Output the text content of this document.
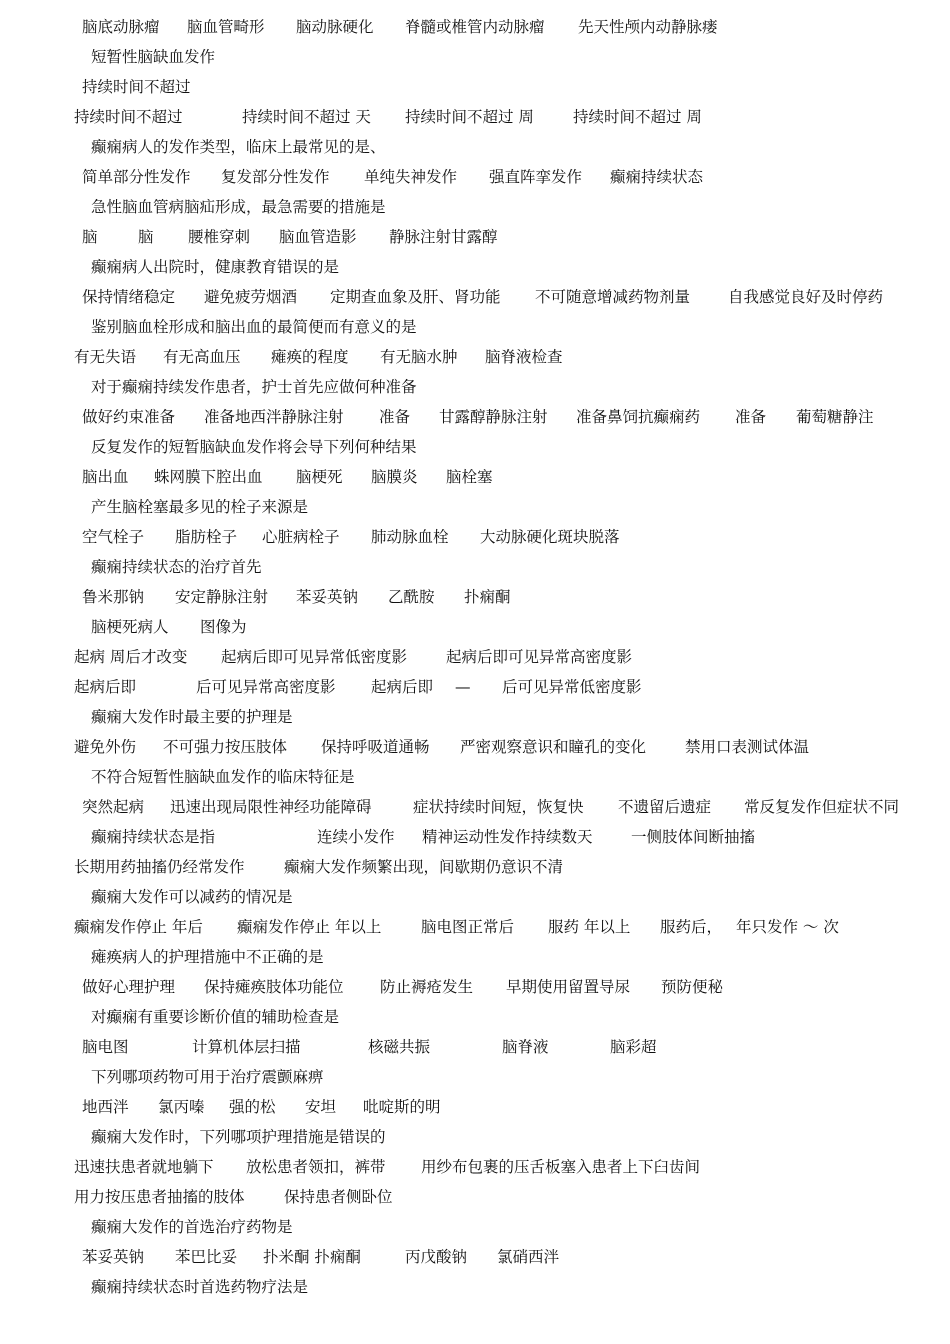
脑底动脉瘤 脑血管畸形 脑动脉硬化 脊髓或椎管内动脉瘤 先天性颅内动静脉瘘
短暂性脑缺血发作
持续时间不超过
持续时间不超过	持续时间不超过 天 持续时间不超过 周	持续时间不超过 周
癫痫病人的发作类型，临床上最常见的是、
简单部分性发作 复发部分性发作 单纯失神发作 强直阵挛发作 癫痫持续状态
急性脑血管病脑疝形成，最急需要的措施是
脑	脑 腰椎穿刺 脑血管造影 静脉注射甘露醇
癫痫病人出院时，健康教育错误的是
保持情绪稳定 避免疲劳烟酒 定期查血象及肝、肾功能 不可随意增减药物剂量 自我感觉良好及时停药
鉴别脑血栓形成和脑出血的最简便而有意义的是
有无失语 有无高血压 瘫痪的程度 有无脑水肿 脑脊液检查
对于癫痫持续发作患者，护士首先应做何种准备
做好约束准备 准备地西泮静脉注射 准备 甘露醇静脉注射 准备鼻饲抗癫痫药 准备 葡萄糖静注
反复发作的短暂脑缺血发作将会导下列何种结果
脑出血 蛛网膜下腔出血 脑梗死 脑膜炎 脑栓塞
产生脑栓塞最多见的栓子来源是
空气栓子 脂肪栓子 心脏病栓子 肺动脉血栓 大动脉硬化斑块脱落
癫痫持续状态的治疗首先
鲁米那钠 安定静脉注射 苯妥英钠 乙酰胺 扑痫酮
脑梗死病人 图像为
起病 周后才改变 起病后即可见异常低密度影	起病后即可见异常高密度影
起病后即	后可见异常高密度影 起病后即 — 后可见异常低密度影
癫痫大发作时最主要的护理是
避免外伤 不可强力按压肢体 保持呼吸道通畅 严密观察意识和瞳孔的变化	禁用口表测试体温
不符合短暂性脑缺血发作的临床特征是
突然起病 迅速出现局限性神经功能障碍	症状持续时间短，恢复快 不遗留后遗症 常反复发作但症状不同
癫痫持续状态是指	连续小发作 精神运动性发作持续数天 一侧肢体间断抽搐
长期用药抽搐仍经常发作	癫痫大发作频繁出现，间歇期仍意识不清
癫痫大发作可以减药的情况是
癫痫发作停止 年后 癫痫发作停止 年以上	脑电图正常后 服药 年以上 服药后， 年只发作 ～ 次
瘫痪病人的护理措施中不正确的是
做好心理护理 保持瘫痪肢体功能位 防止褥疮发生 早期使用留置导尿 预防便秘
对癫痫有重要诊断价值的辅助检查是
脑电图	计算机体层扫描	核磁共振	脑脊液	脑彩超
下列哪项药物可用于治疗震颤麻痹
地西泮 氯丙嗪 强的松 安坦 吡啶斯的明
癫痫大发作时，下列哪项护理措施是错误的
迅速扶患者就地躺下 放松患者领扣，裤带 用纱布包裹的压舌板塞入患者上下臼齿间
用力按压患者抽搐的肢体	保持患者侧卧位
癫痫大发作的首选治疗药物是
苯妥英钠 苯巴比妥 扑米酮 扑痫酮	丙戊酸钠 氯硝西泮
癫痫持续状态时首选药物疗法是
